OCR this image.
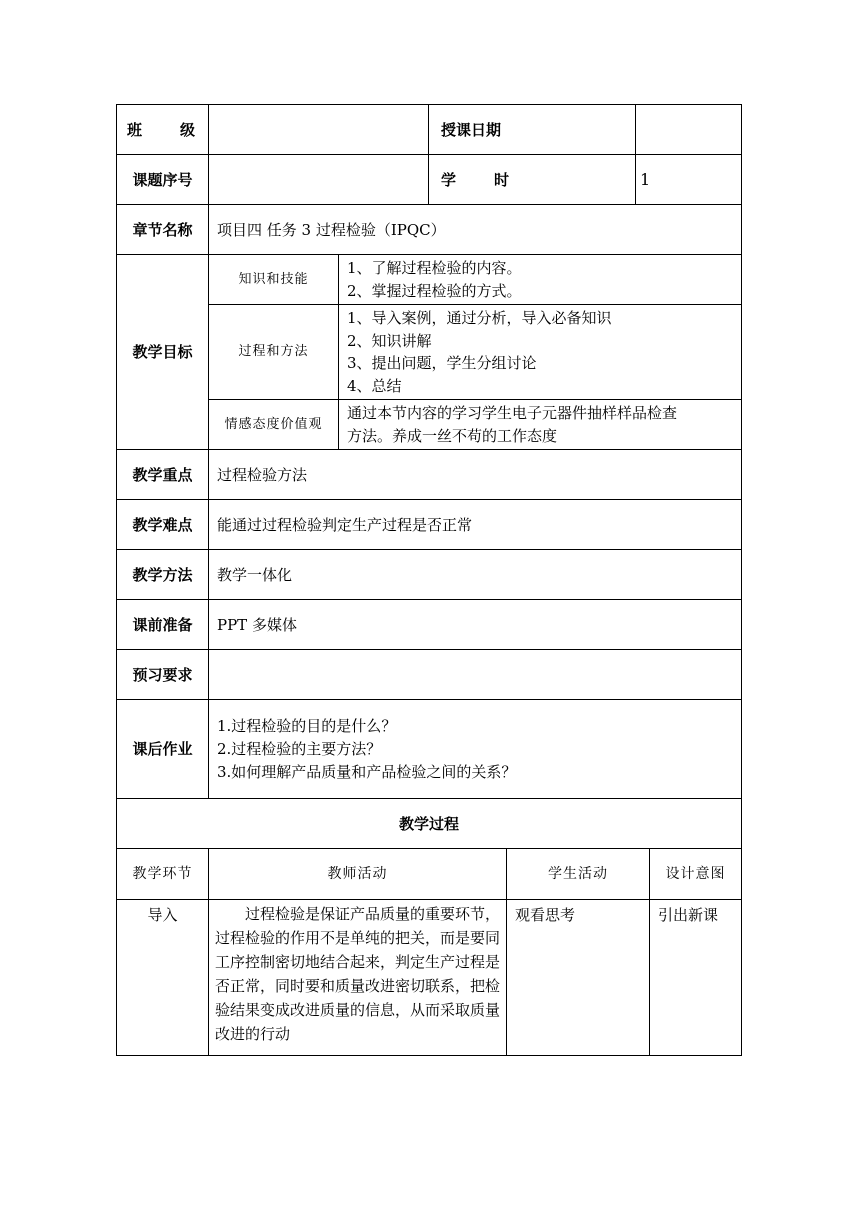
班 级			授课日期	
课题序号			学 时	1
章节名称	项目四 任务 3 过程检验（IPQC）			
教学目标	知识和技能	1、了解过程检验的内容。
2、掌握过程检验的方式。		

	过程和方法	1、导入案例，通过分析，导入必备知识
2、知识讲解
3、提出问题，学生分组讨论
4、总结		

	情感态度价值观	通过本节内容的学习学生电子元器件抽样样品检查
方法。养成一丝不苟的工作态度		

教学重点	过程检验方法			
教学难点	能通过过程检验判定生产过程是否正常			
教学方法	教学一体化			
课前准备	PPT 多媒体			
预习要求				
课后作业	1.过程检验的目的是什么？
2.过程检验的主要方法？
3.如何理解产品质量和产品检验之间的关系？			

教学过程				
教学环节	教师活动	学生活动	设计意图
导入	过程检验是保证产品质量的重要环节，过程检验的作用不是单纯的把关，而是要同工序控制密切地结合起来，判定生产过程是否正常，同时要和质量改进密切联系，把检验结果变成改进质量的信息，从而采取质量改进的行动	观看思考	引出新课
